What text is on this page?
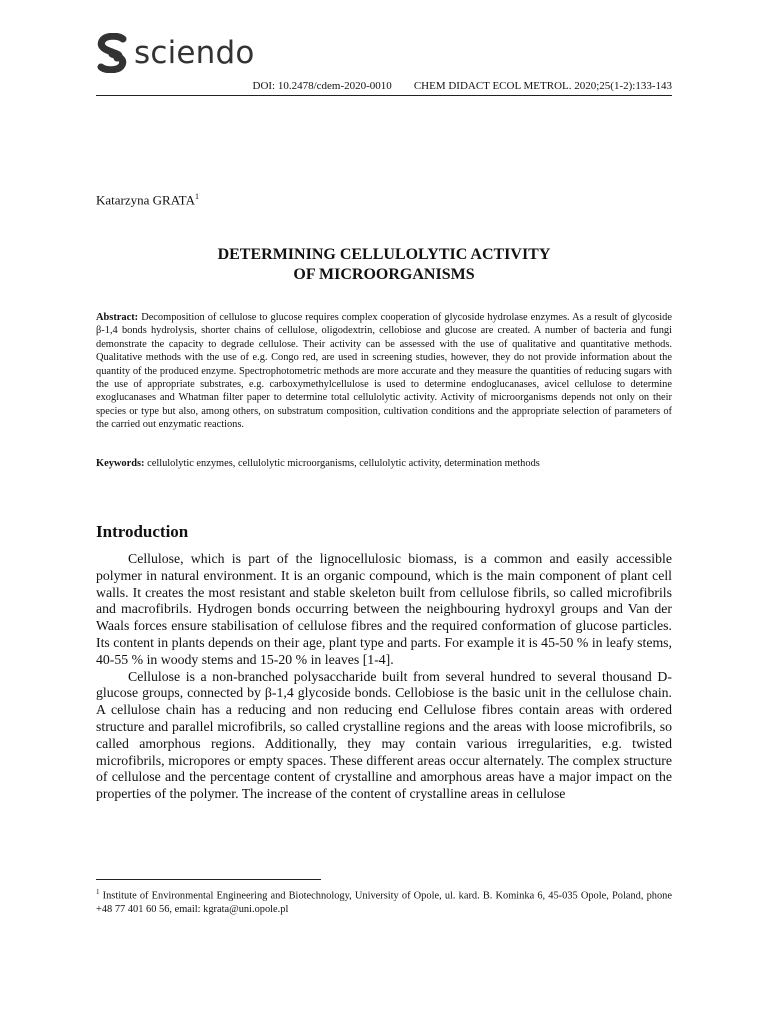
sciendo
DOI: 10.2478/cdem-2020-0010 CHEM DIDACT ECOL METROL. 2020;25(1-2):133-143
Katarzyna GRATA$^1$
DETERMINING CELLULOLYTIC ACTIVITY
OF MICROORGANISMS
Abstract: Decomposition of cellulose to glucose requires complex cooperation of glycoside hydrolase enzymes. As a result of glycoside β-1,4 bonds hydrolysis, shorter chains of cellulose, oligodextrin, cellobiose and glucose are created. A number of bacteria and fungi demonstrate the capacity to degrade cellulose. Their activity can be assessed with the use of qualitative and quantitative methods. Qualitative methods with the use of e.g. Congo red, are used in screening studies, however, they do not provide information about the quantity of the produced enzyme. Spectrophotometric methods are more accurate and they measure the quantities of reducing sugars with the use of appropriate substrates, e.g. carboxymethylcellulose is used to determine endoglucanases, avicel cellulose to determine exoglucanases and Whatman filter paper to determine total cellulolytic activity. Activity of microorganisms depends not only on their species or type but also, among others, on substratum composition, cultivation conditions and the appropriate selection of parameters of the carried out enzymatic reactions.
Keywords: cellulolytic enzymes, cellulolytic microorganisms, cellulolytic activity, determination methods
Introduction

Cellulose, which is part of the lignocellulosic biomass, is a common and easily accessible polymer in natural environment. It is an organic compound, which is the main component of plant cell walls. It creates the most resistant and stable skeleton built from cellulose fibrils, so called microfibrils and macrofibrils. Hydrogen bonds occurring between the neighbouring hydroxyl groups and Van der Waals forces ensure stabilisation of cellulose fibres and the required conformation of glucose particles. Its content in plants depends on their age, plant type and parts. For example it is 45-50 % in leafy stems, 40-55 % in woody stems and 15-20 % in leaves [1-4].

Cellulose is a non-branched polysaccharide built from several hundred to several thousand D-glucose groups, connected by β-1,4 glycoside bonds. Cellobiose is the basic unit in the cellulose chain. A cellulose chain has a reducing and non reducing end Cellulose fibres contain areas with ordered structure and parallel microfibrils, so called crystalline regions and the areas with loose microfibrils, so called amorphous regions. Additionally, they may contain various irregularities, e.g. twisted microfibrils, micropores or empty spaces. These different areas occur alternately. The complex structure of cellulose and the percentage content of crystalline and amorphous areas have a major impact on the properties of the polymer. The increase of the content of crystalline areas in cellulose

$^1$ Institute of Environmental Engineering and Biotechnology, University of Opole, ul. kard. B. Kominka 6, 45-035 Opole, Poland, phone +48 77 401 60 56, email: kgrata@uni.opole.pl
